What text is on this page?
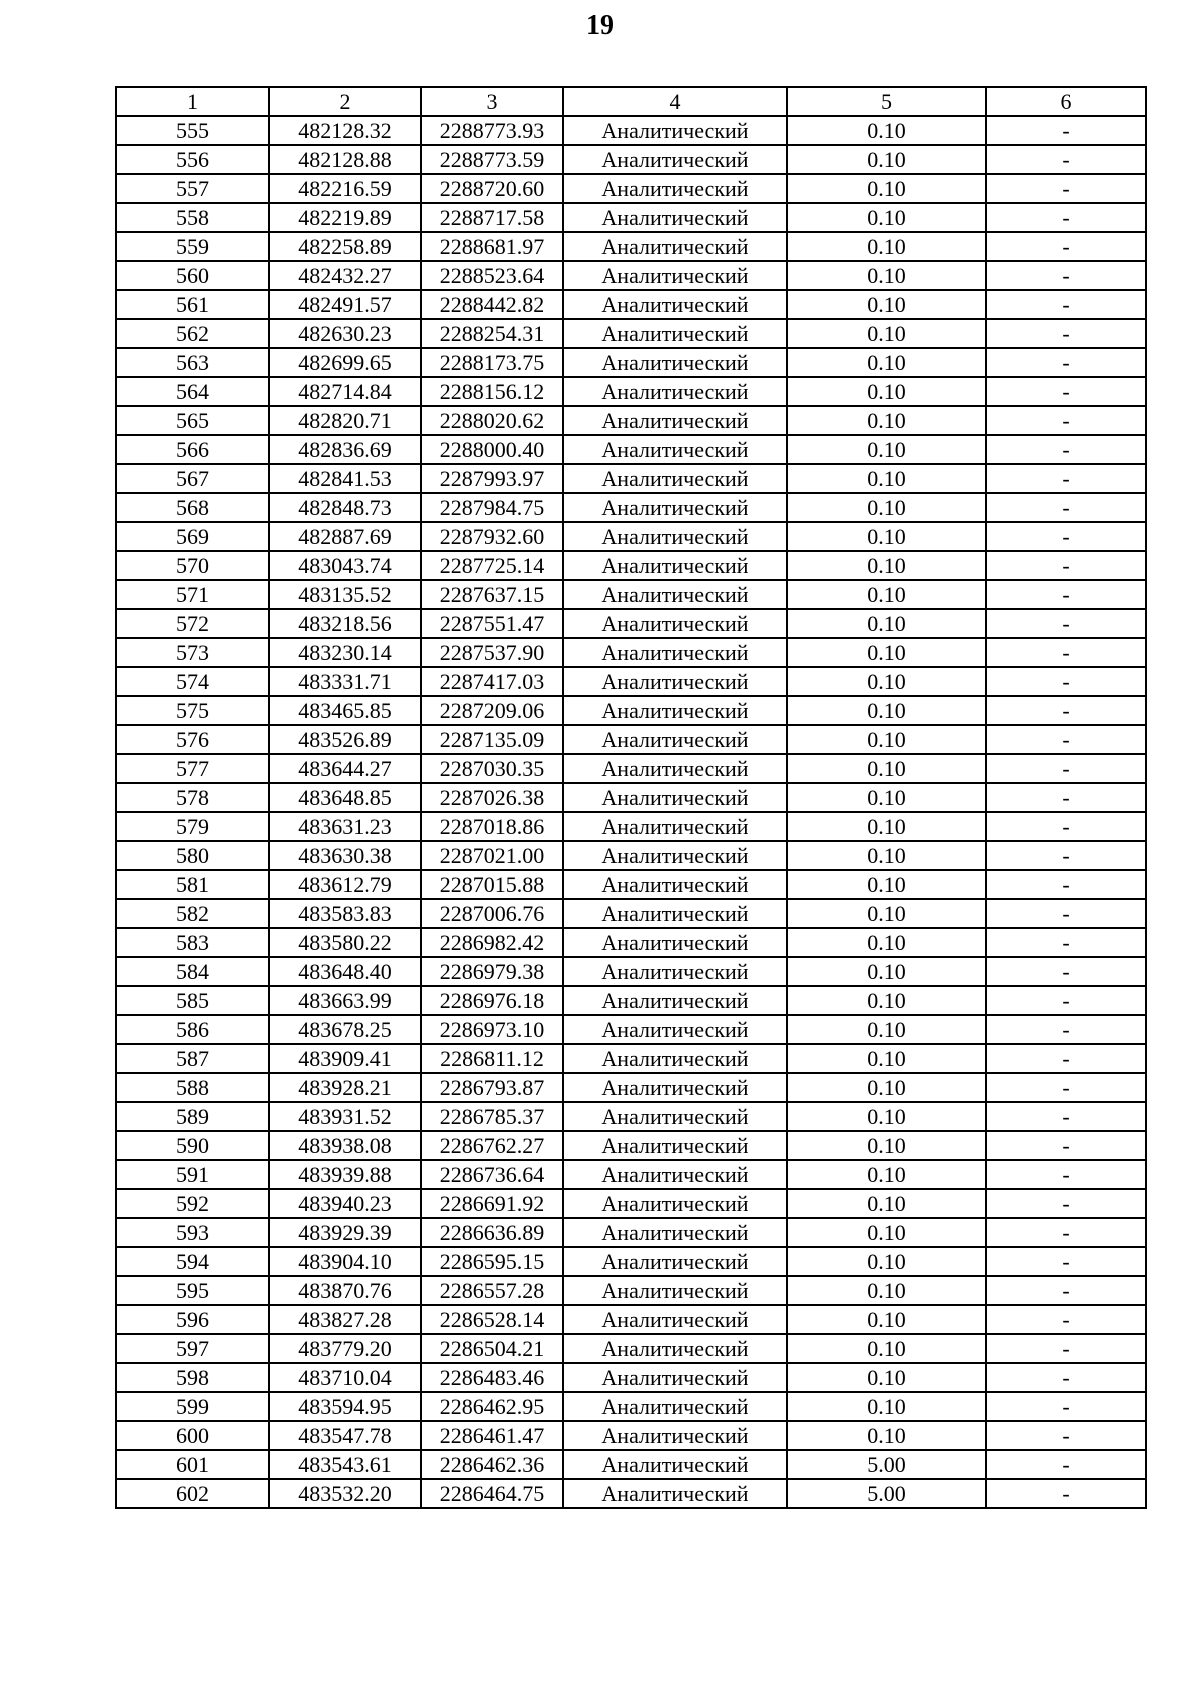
19
1	2	3	4	5	6
555	482128.32	2288773.93	Аналитический	0.10	-
556	482128.88	2288773.59	Аналитический	0.10	-
557	482216.59	2288720.60	Аналитический	0.10	-
558	482219.89	2288717.58	Аналитический	0.10	-
559	482258.89	2288681.97	Аналитический	0.10	-
560	482432.27	2288523.64	Аналитический	0.10	-
561	482491.57	2288442.82	Аналитический	0.10	-
562	482630.23	2288254.31	Аналитический	0.10	-
563	482699.65	2288173.75	Аналитический	0.10	-
564	482714.84	2288156.12	Аналитический	0.10	-
565	482820.71	2288020.62	Аналитический	0.10	-
566	482836.69	2288000.40	Аналитический	0.10	-
567	482841.53	2287993.97	Аналитический	0.10	-
568	482848.73	2287984.75	Аналитический	0.10	-
569	482887.69	2287932.60	Аналитический	0.10	-
570	483043.74	2287725.14	Аналитический	0.10	-
571	483135.52	2287637.15	Аналитический	0.10	-
572	483218.56	2287551.47	Аналитический	0.10	-
573	483230.14	2287537.90	Аналитический	0.10	-
574	483331.71	2287417.03	Аналитический	0.10	-
575	483465.85	2287209.06	Аналитический	0.10	-
576	483526.89	2287135.09	Аналитический	0.10	-
577	483644.27	2287030.35	Аналитический	0.10	-
578	483648.85	2287026.38	Аналитический	0.10	-
579	483631.23	2287018.86	Аналитический	0.10	-
580	483630.38	2287021.00	Аналитический	0.10	-
581	483612.79	2287015.88	Аналитический	0.10	-
582	483583.83	2287006.76	Аналитический	0.10	-
583	483580.22	2286982.42	Аналитический	0.10	-
584	483648.40	2286979.38	Аналитический	0.10	-
585	483663.99	2286976.18	Аналитический	0.10	-
586	483678.25	2286973.10	Аналитический	0.10	-
587	483909.41	2286811.12	Аналитический	0.10	-
588	483928.21	2286793.87	Аналитический	0.10	-
589	483931.52	2286785.37	Аналитический	0.10	-
590	483938.08	2286762.27	Аналитический	0.10	-
591	483939.88	2286736.64	Аналитический	0.10	-
592	483940.23	2286691.92	Аналитический	0.10	-
593	483929.39	2286636.89	Аналитический	0.10	-
594	483904.10	2286595.15	Аналитический	0.10	-
595	483870.76	2286557.28	Аналитический	0.10	-
596	483827.28	2286528.14	Аналитический	0.10	-
597	483779.20	2286504.21	Аналитический	0.10	-
598	483710.04	2286483.46	Аналитический	0.10	-
599	483594.95	2286462.95	Аналитический	0.10	-
600	483547.78	2286461.47	Аналитический	0.10	-
601	483543.61	2286462.36	Аналитический	5.00	-
602	483532.20	2286464.75	Аналитический	5.00	-
